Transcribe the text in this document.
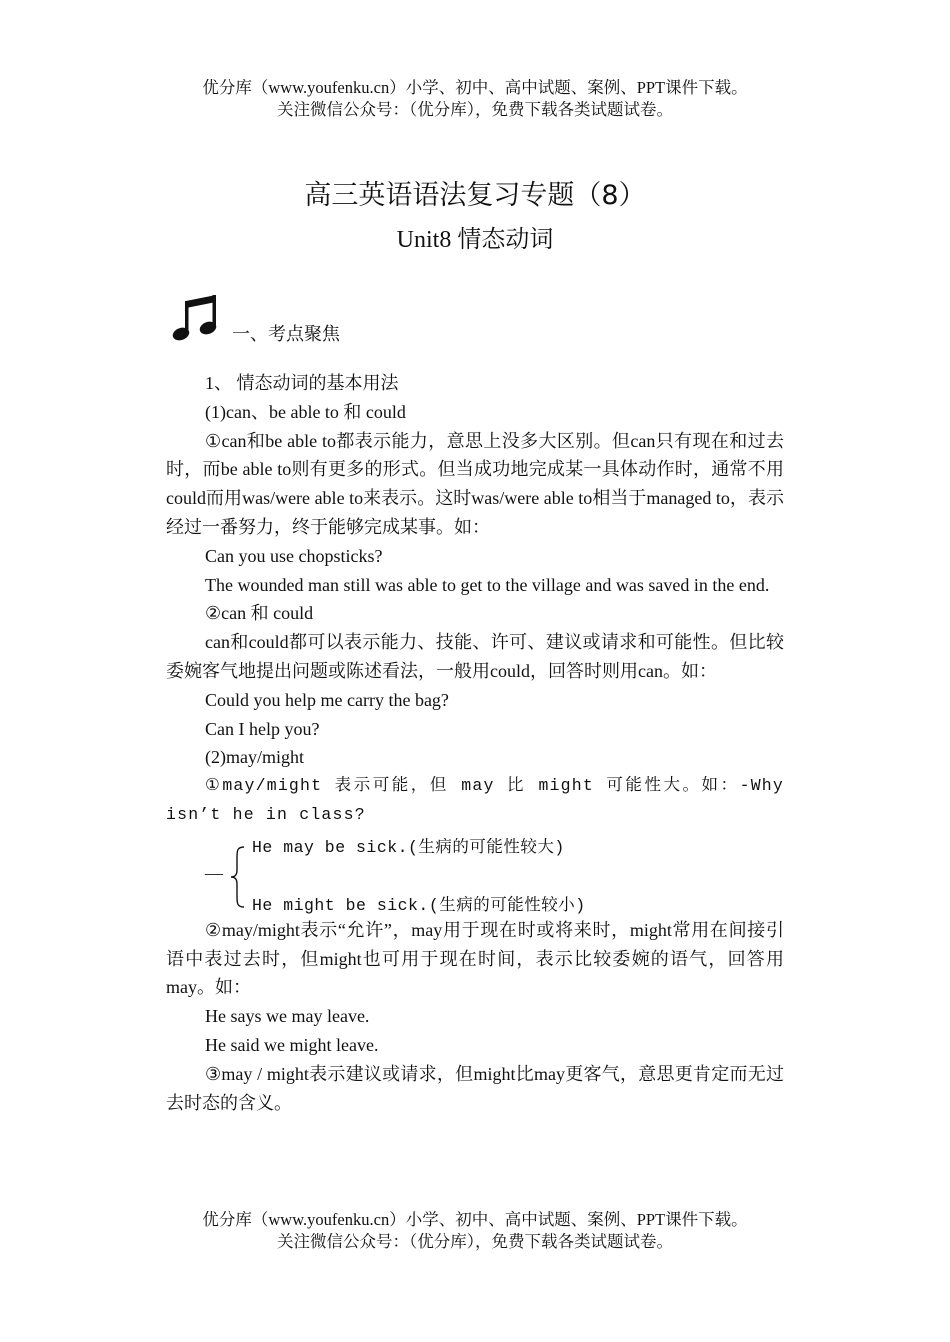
优分库（www.youfenku.cn）小学、初中、高中试题、案例、PPT课件下载。
关注微信公众号：（优分库），免费下载各类试题试卷。
高三英语语法复习专题（8）
Unit8 情态动词
一、考点聚焦

1、 情态动词的基本用法

(1)can、be able to 和 could

①can和be able to都表示能力，意思上没多大区别。但can只有现在和过去时，而be able to则有更多的形式。但当成功地完成某一具体动作时，通常不用could而用was/were able to来表示。这时was/were able to相当于managed to，表示经过一番努力，终于能够完成某事。如：

Can you use chopsticks?

The wounded man still was able to get to the village and was saved in the end.

②can 和 could

can和could都可以表示能力、技能、许可、建议或请求和可能性。但比较委婉客气地提出问题或陈述看法，一般用could，回答时则用can。如：

Could you help me carry the bag?

Can I help you?

(2)may/might

①may/might 表示可能，但 may 比 might 可能性大。如：-Why isn’t he in class?

—
He may be sick.(生病的可能性较大)
He might be sick.(生病的可能性较小)

②may/might表示“允许”，may用于现在时或将来时，might常用在间接引语中表过去时，但might也可用于现在时间，表示比较委婉的语气，回答用may。如：

He says we may leave.

He said we might leave.

③may / might表示建议或请求，但might比may更客气，意思更肯定而无过去时态的含义。

优分库（www.youfenku.cn）小学、初中、高中试题、案例、PPT课件下载。
关注微信公众号：（优分库），免费下载各类试题试卷。
